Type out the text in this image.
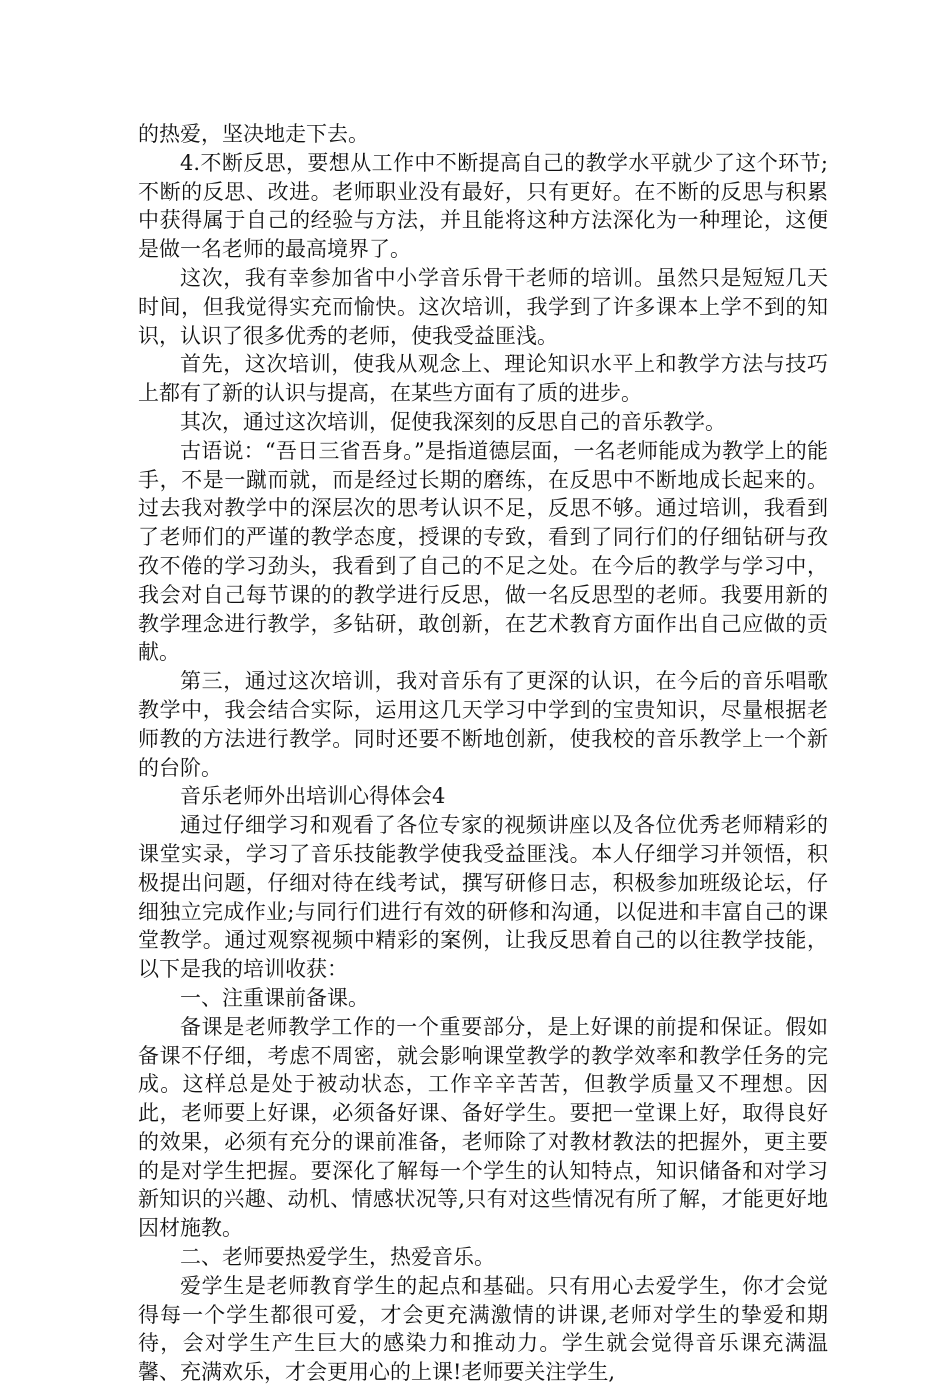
的热爱，坚决地走下去。

4.不断反思，要想从工作中不断提高自己的教学水平就少了这个环节;不断的反思、改进。老师职业没有最好，只有更好。在不断的反思与积累中获得属于自己的经验与方法，并且能将这种方法深化为一种理论，这便是做一名老师的最高境界了。

这次，我有幸参加省中小学音乐骨干老师的培训。虽然只是短短几天时间，但我觉得实充而愉快。这次培训，我学到了许多课本上学不到的知识，认识了很多优秀的老师，使我受益匪浅。

首先，这次培训，使我从观念上、理论知识水平上和教学方法与技巧上都有了新的认识与提高，在某些方面有了质的进步。

其次，通过这次培训，促使我深刻的反思自己的音乐教学。

古语说：“吾日三省吾身。”是指道德层面，一名老师能成为教学上的能手，不是一蹴而就，而是经过长期的磨练，在反思中不断地成长起来的。过去我对教学中的深层次的思考认识不足，反思不够。通过培训，我看到了老师们的严谨的教学态度，授课的专致，看到了同行们的仔细钻研与孜孜不倦的学习劲头，我看到了自己的不足之处。在今后的教学与学习中，我会对自己每节课的的教学进行反思，做一名反思型的老师。我要用新的教学理念进行教学，多钻研，敢创新，在艺术教育方面作出自己应做的贡献。

第三，通过这次培训，我对音乐有了更深的认识，在今后的音乐唱歌教学中，我会结合实际，运用这几天学习中学到的宝贵知识，尽量根据老师教的方法进行教学。同时还要不断地创新，使我校的音乐教学上一个新的台阶。

音乐老师外出培训心得体会4

通过仔细学习和观看了各位专家的视频讲座以及各位优秀老师精彩的课堂实录，学习了音乐技能教学使我受益匪浅。本人仔细学习并领悟，积极提出问题，仔细对待在线考试，撰写研修日志，积极参加班级论坛，仔细独立完成作业;与同行们进行有效的研修和沟通，以促进和丰富自己的课堂教学。通过观察视频中精彩的案例，让我反思着自己的以往教学技能，以下是我的培训收获：

一、注重课前备课。

备课是老师教学工作的一个重要部分，是上好课的前提和保证。假如备课不仔细，考虑不周密，就会影响课堂教学的教学效率和教学任务的完成。这样总是处于被动状态，工作辛辛苦苦，但教学质量又不理想。因此，老师要上好课，必须备好课、备好学生。要把一堂课上好，取得良好的效果，必须有充分的课前准备，老师除了对教材教法的把握外，更主要的是对学生把握。要深化了解每一个学生的认知特点，知识储备和对学习新知识的兴趣、动机、情感状况等,只有对这些情况有所了解，才能更好地因材施教。

二、老师要热爱学生，热爱音乐。

爱学生是老师教育学生的起点和基础。只有用心去爱学生，你才会觉得每一个学生都很可爱，才会更充满激情的讲课,老师对学生的挚爱和期待，会对学生产生巨大的感染力和推动力。学生就会觉得音乐课充满温馨、充满欢乐，才会更用心的上课!老师要关注学生,
